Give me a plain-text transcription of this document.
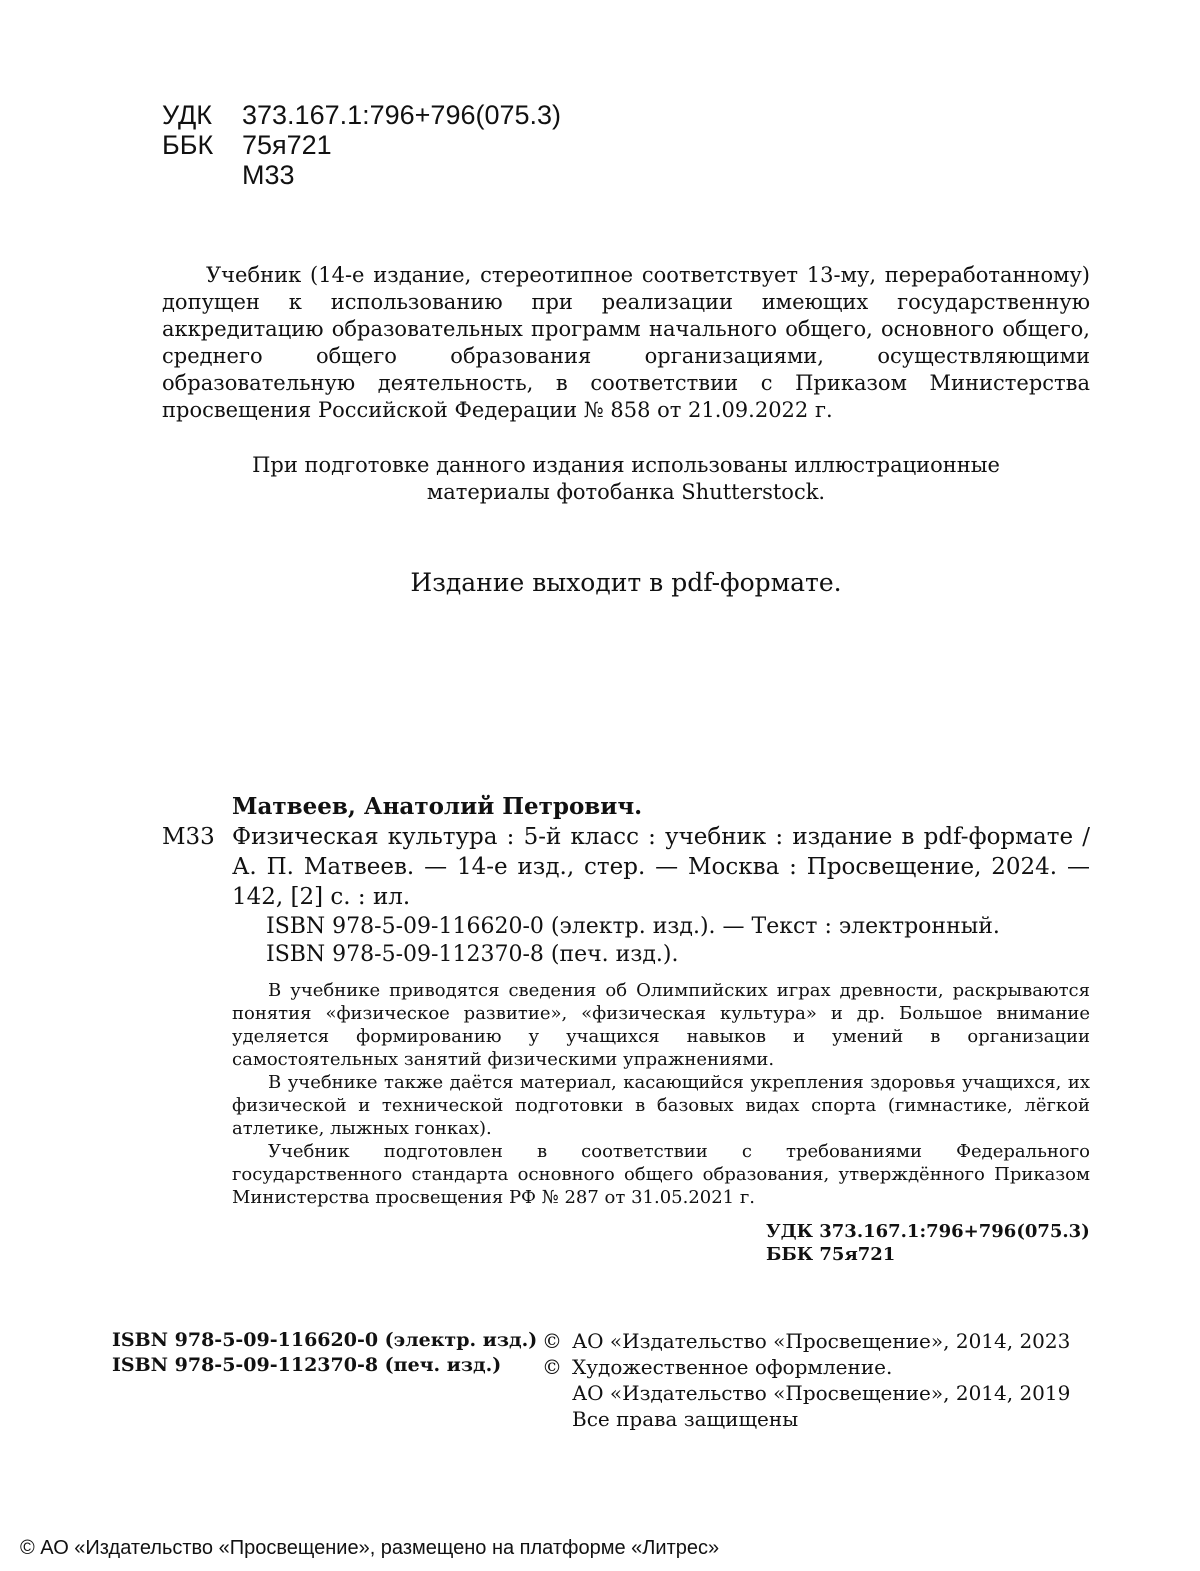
УДК	373.167.1:796+796(075.3)
ББК	75я721
М33
Учебник (14-е издание, стереотипное соответствует 13-му, переработанному) допущен к использованию при реализации имеющих государственную аккредитацию образовательных программ начального общего, основного общего, среднего общего образования организациями, осуществляющими образовательную деятельность, в соответствии с Приказом Министерства просвещения Российской Федерации № 858 от 21.09.2022 г.
При подготовке данного издания использованы иллюстрационные
материалы фотобанка Shutterstock.
Издание выходит в pdf-формате.
Матвеев, Анатолий Петрович.
М33 Физическая культура : 5-й класс : учебник : издание в pdf-формате / А. П. Матвеев. — 14-е изд., стер. — Москва : Просвещение, 2024. — 142, [2] с. : ил.
ISBN 978-5-09-116620-0 (электр. изд.). — Текст : электронный.
ISBN 978-5-09-112370-8 (печ. изд.).

В учебнике приводятся сведения об Олимпийских играх древности, раскрываются понятия «физическое развитие», «физическая культура» и др. Большое внимание уделяется формированию у учащихся навыков и умений в организации самостоятельных занятий физическими упражнениями.

В учебнике также даётся материал, касающийся укрепления здоровья учащихся, их физической и технической подготовки в базовых видах спорта (гимнастике, лёгкой атлетике, лыжных гонках).

Учебник подготовлен в соответствии с требованиями Федерального государственного стандарта основного общего образования, утверждённого Приказом Министерства просвещения РФ № 287 от 31.05.2021 г.

УДК 373.167.1:796+796(075.3)
ББК 75я721
ISBN 978-5-09-116620-0 (электр. изд.)
ISBN 978-5-09-112370-8 (печ. изд.)
© АО «Издательство «Просвещение», 2014, 2023
© Художественное оформление.
АО «Издательство «Просвещение», 2014, 2019
Все права защищены
© АО «Издательство «Просвещение», размещено на платформе «Литрес»
